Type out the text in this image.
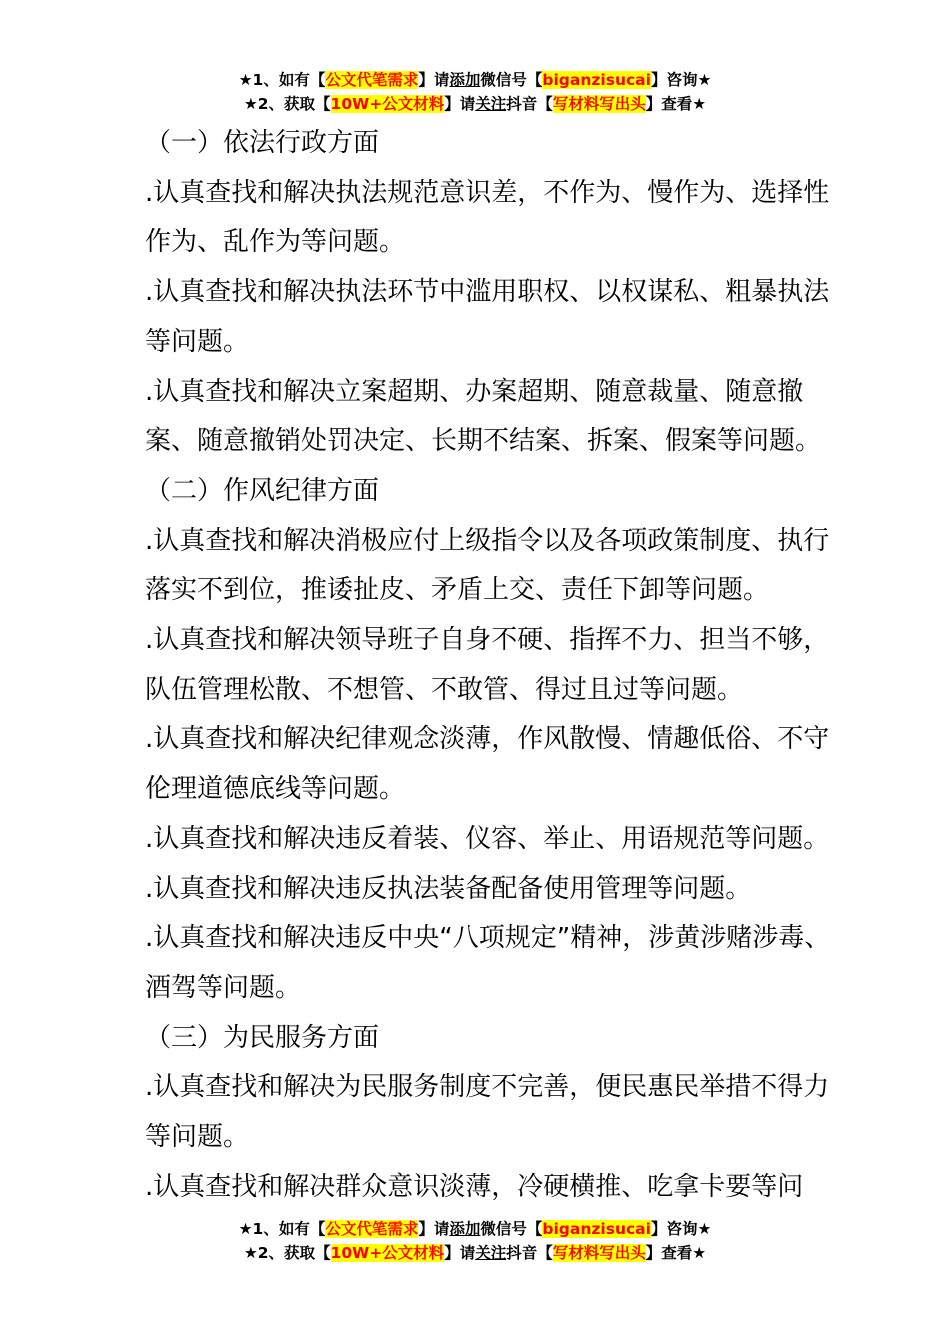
★1、如有【公文代笔需求】请添加微信号【biganzisucai】咨询★
★2、获取【10W+公文材料】请关注抖音【写材料写出头】查看★

（一）依法行政方面

.认真查找和解决执法规范意识差，不作为、慢作为、选择性作为、乱作为等问题。

.认真查找和解决执法环节中滥用职权、以权谋私、粗暴执法等问题。

.认真查找和解决立案超期、办案超期、随意裁量、随意撤案、随意撤销处罚决定、长期不结案、拆案、假案等问题。

（二）作风纪律方面

.认真查找和解决消极应付上级指令以及各项政策制度、执行落实不到位，推诿扯皮、矛盾上交、责任下卸等问题。

.认真查找和解决领导班子自身不硬、指挥不力、担当不够，队伍管理松散、不想管、不敢管、得过且过等问题。

.认真查找和解决纪律观念淡薄，作风散慢、情趣低俗、不守伦理道德底线等问题。

.认真查找和解决违反着装、仪容、举止、用语规范等问题。

.认真查找和解决违反执法装备配备使用管理等问题。

.认真查找和解决违反中央“八项规定”精神，涉黄涉赌涉毒、酒驾等问题。

（三）为民服务方面

.认真查找和解决为民服务制度不完善，便民惠民举措不得力等问题。

.认真查找和解决群众意识淡薄，冷硬横推、吃拿卡要等问

★1、如有【公文代笔需求】请添加微信号【biganzisucai】咨询★
★2、获取【10W+公文材料】请关注抖音【写材料写出头】查看★
